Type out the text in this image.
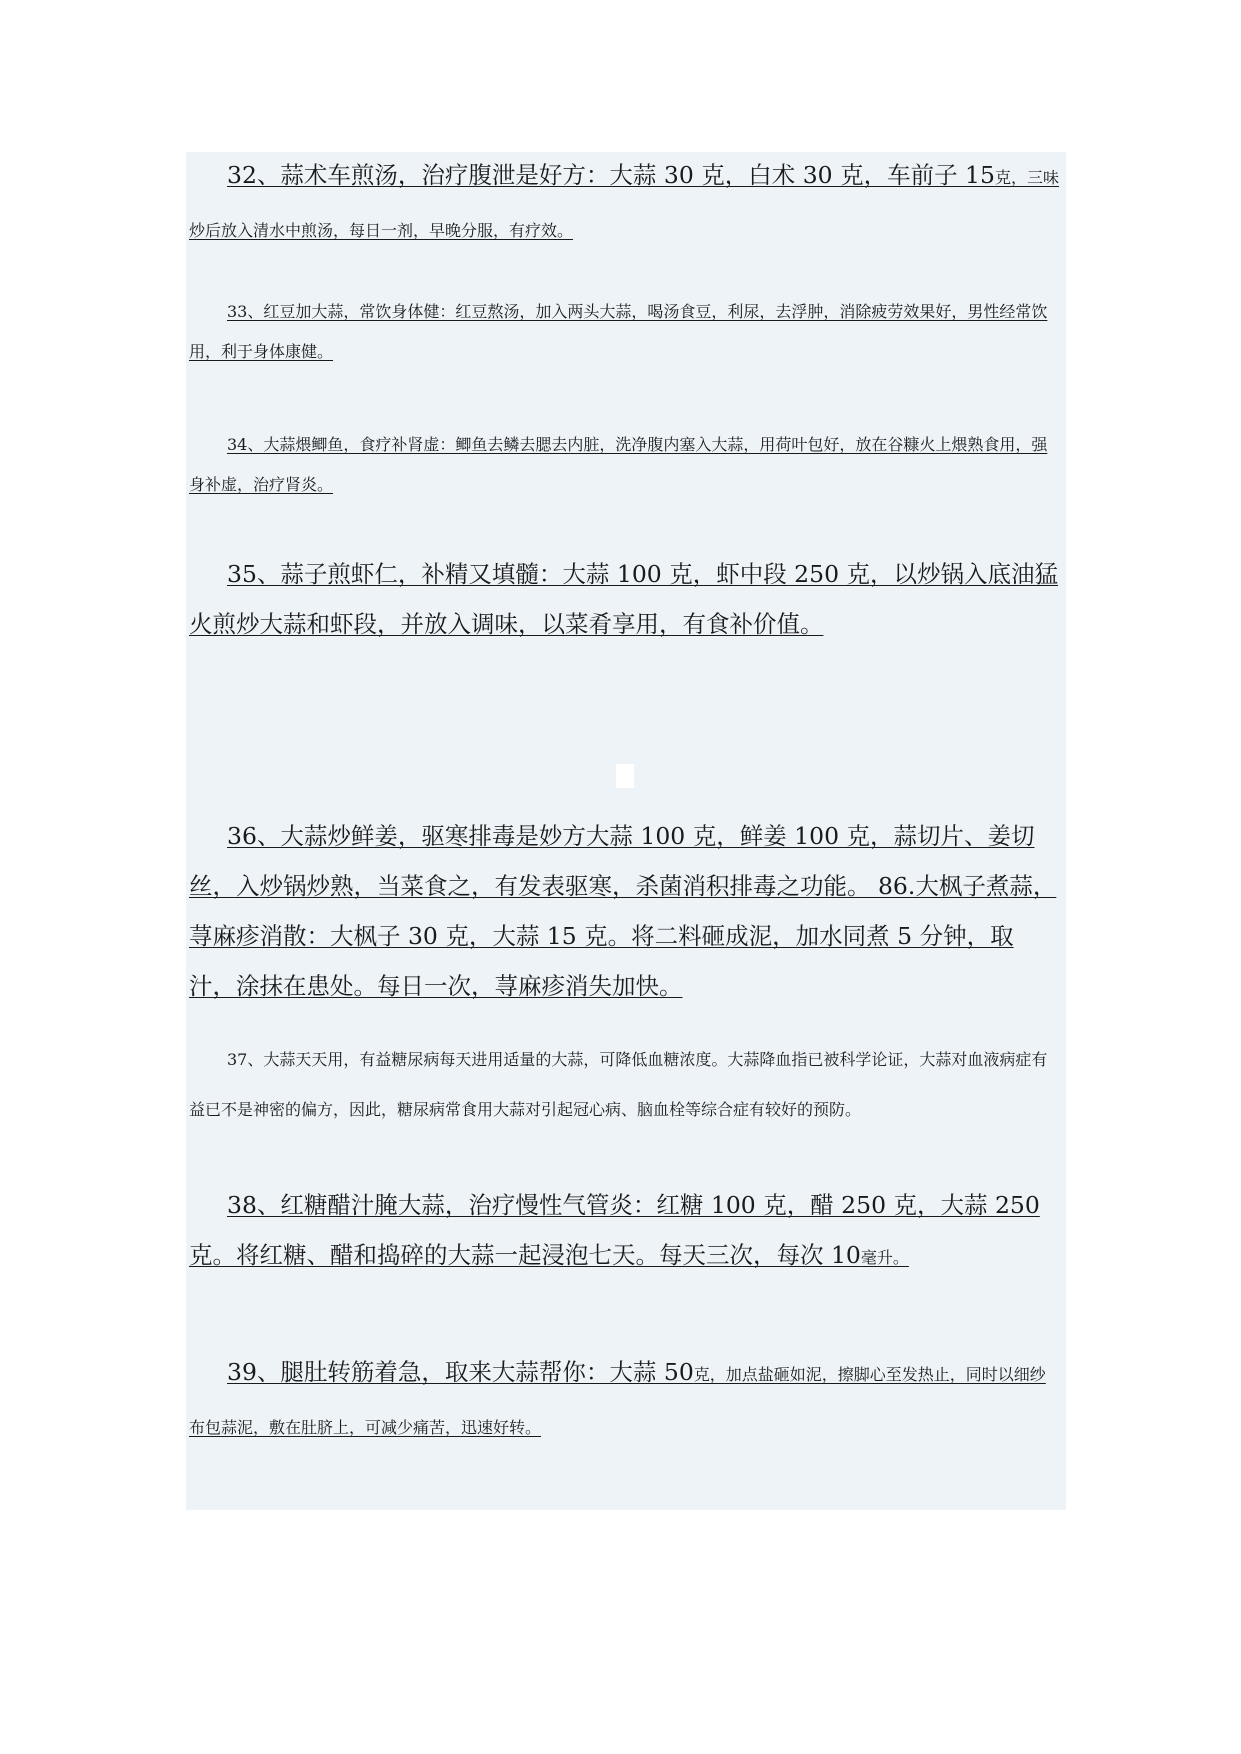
32、蒜术车煎汤，治疗腹泄是好方：大蒜 30 克，白术 30 克，车前子 15克，三味炒后放入清水中煎汤，每日一剂，早晚分服，有疗效。

33、红豆加大蒜，常饮身体健：红豆熬汤，加入两头大蒜，喝汤食豆，利尿，去浮肿，消除疲劳效果好，男性经常饮用，利于身体康健。

34、大蒜煨鲫鱼，食疗补肾虚：鲫鱼去鳞去腮去内脏，洗净腹内塞入大蒜，用荷叶包好，放在谷糠火上煨熟食用，强身补虚，治疗肾炎。

35、蒜子煎虾仁，补精又填髓：大蒜 100 克，虾中段 250 克，以炒锅入底油猛火煎炒大蒜和虾段，并放入调味，以菜肴享用，有食补价值。

36、大蒜炒鲜姜，驱寒排毒是妙方大蒜 100 克，鲜姜 100 克，蒜切片、姜切丝，入炒锅炒熟，当菜食之，有发表驱寒，杀菌消积排毒之功能。 86.大枫子煮蒜，荨麻疹消散：大枫子 30 克，大蒜 15 克。将二料砸成泥，加水同煮 5 分钟，取汁，涂抹在患处。每日一次，荨麻疹消失加快。

37、大蒜天天用，有益糖尿病每天进用适量的大蒜，可降低血糖浓度。大蒜降血指已被科学论证，大蒜对血液病症有益已不是神密的偏方，因此，糖尿病常食用大蒜对引起冠心病、脑血栓等综合症有较好的预防。

38、红糖醋汁腌大蒜，治疗慢性气管炎：红糖 100 克，醋 250 克，大蒜 250 克。将红糖、醋和捣碎的大蒜一起浸泡七天。每天三次，每次 10毫升。

39、腿肚转筋着急，取来大蒜帮你：大蒜 50克，加点盐砸如泥，擦脚心至发热止，同时以细纱布包蒜泥，敷在肚脐上，可减少痛苦，迅速好转。
